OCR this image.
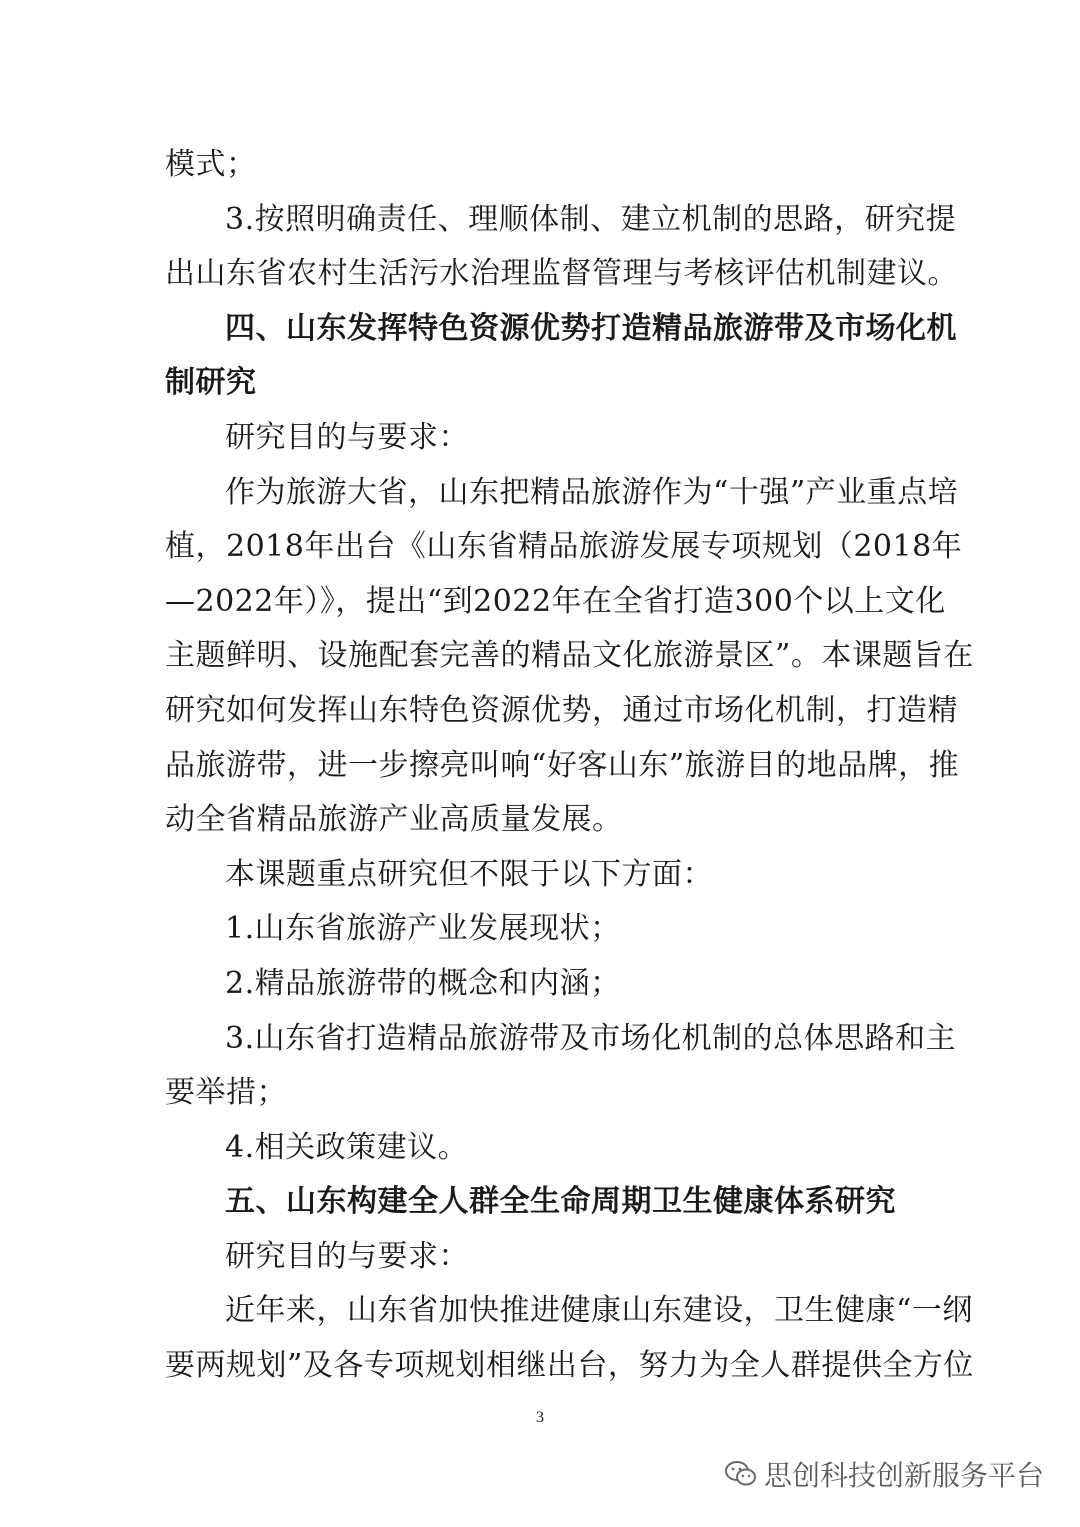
模式；
3.按照明确责任、理顺体制、建立机制的思路，研究提
出山东省农村生活污水治理监督管理与考核评估机制建议。
四、山东发挥特色资源优势打造精品旅游带及市场化机
制研究
研究目的与要求：
作为旅游大省，山东把精品旅游作为“十强”产业重点培
植，2018年出台《山东省精品旅游发展专项规划（2018年
—2022年）》，提出“到2022年在全省打造300个以上文化
主题鲜明、设施配套完善的精品文化旅游景区”。本课题旨在
研究如何发挥山东特色资源优势，通过市场化机制，打造精
品旅游带，进一步擦亮叫响“好客山东”旅游目的地品牌，推
动全省精品旅游产业高质量发展。
本课题重点研究但不限于以下方面：
1.山东省旅游产业发展现状；
2.精品旅游带的概念和内涵；
3.山东省打造精品旅游带及市场化机制的总体思路和主
要举措；
4.相关政策建议。
五、山东构建全人群全生命周期卫生健康体系研究
研究目的与要求：
近年来，山东省加快推进健康山东建设，卫生健康“一纲
要两规划”及各专项规划相继出台，努力为全人群提供全方位
3
思创科技创新服务平台
